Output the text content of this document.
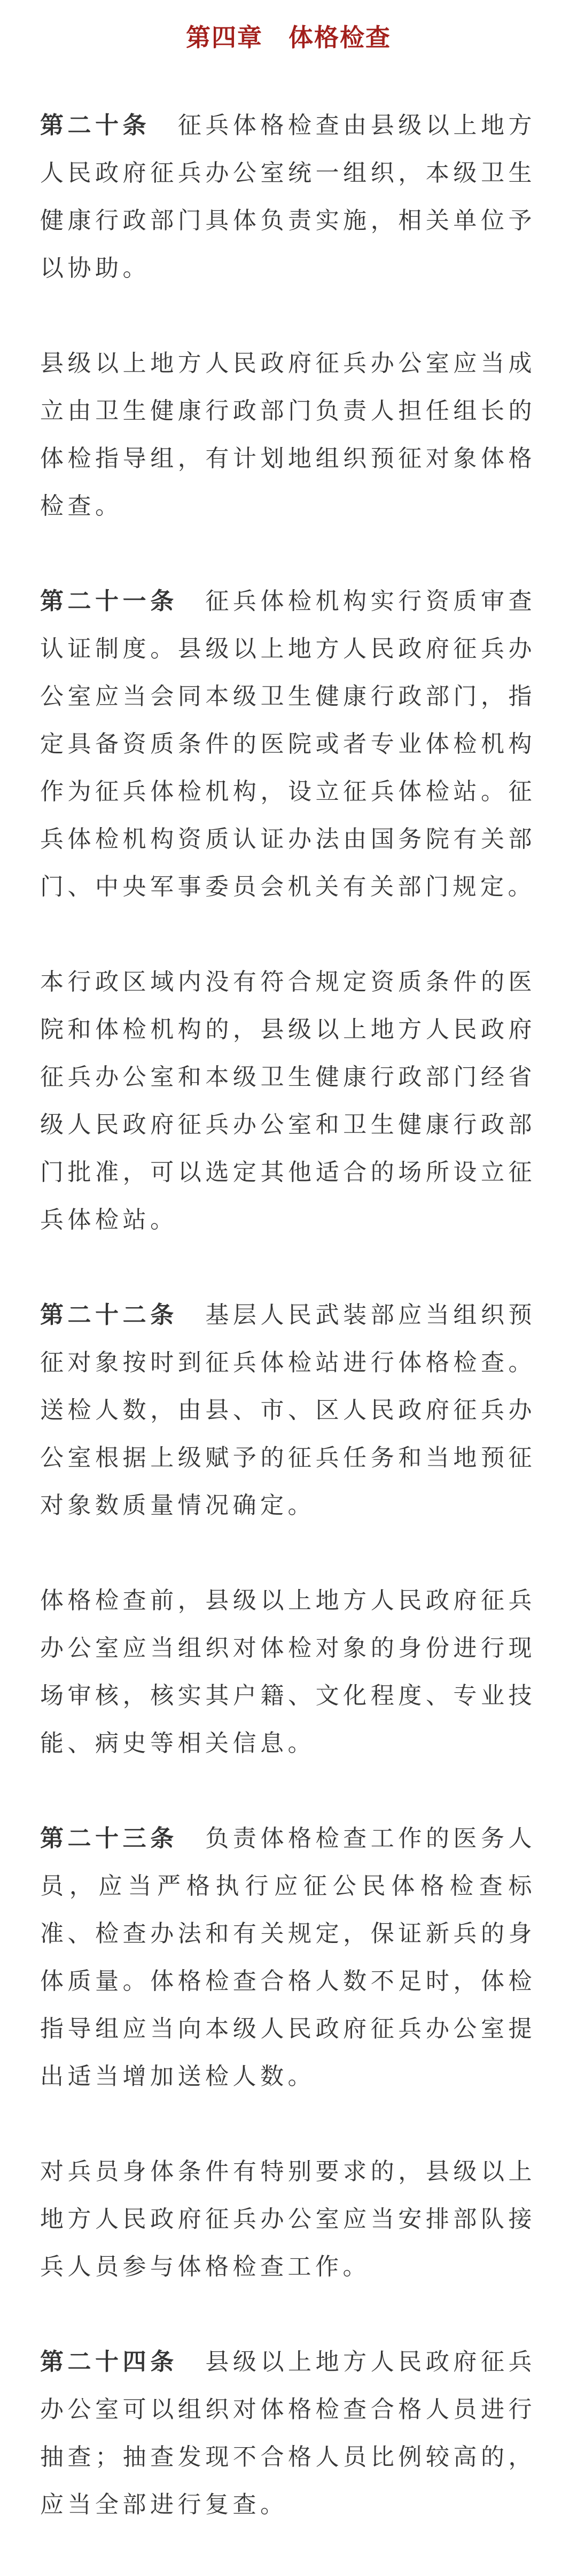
第四章　体格检查
第二十条　 征兵体格检查由县级以上地方
人民政府征兵办公室统一组织，本级卫生
健康行政部门具体负责实施，相关单位予
以协助。
县级以上地方人民政府征兵办公室应当成
立由卫生健康行政部门负责人担任组长的
体检指导组，有计划地组织预征对象体格
检查。
第二十一条　 征兵体检机构实行资质审查
认证制度。县级以上地方人民政府征兵办
公室应当会同本级卫生健康行政部门，指
定具备资质条件的医院或者专业体检机构
作为征兵体检机构，设立征兵体检站。征
兵体检机构资质认证办法由国务院有关部
门、中央军事委员会机关有关部门规定。
本行政区域内没有符合规定资质条件的医
院和体检机构的，县级以上地方人民政府
征兵办公室和本级卫生健康行政部门经省
级人民政府征兵办公室和卫生健康行政部
门批准，可以选定其他适合的场所设立征
兵体检站。
第二十二条　 基层人民武装部应当组织预
征对象按时到征兵体检站进行体格检查。
送检人数，由县、市、区人民政府征兵办
公室根据上级赋予的征兵任务和当地预征
对象数质量情况确定。
体格检查前，县级以上地方人民政府征兵
办公室应当组织对体检对象的身份进行现
场审核，核实其户籍、文化程度、专业技
能、病史等相关信息。
第二十三条　 负责体格检查工作的医务人
员，应当严格执行应征公民体格检查标
准、检查办法和有关规定，保证新兵的身
体质量。体格检查合格人数不足时，体检
指导组应当向本级人民政府征兵办公室提
出适当增加送检人数。
对兵员身体条件有特别要求的，县级以上
地方人民政府征兵办公室应当安排部队接
兵人员参与体格检查工作。
第二十四条　 县级以上地方人民政府征兵
办公室可以组织对体格检查合格人员进行
抽查；抽查发现不合格人员比例较高的，
应当全部进行复查。
